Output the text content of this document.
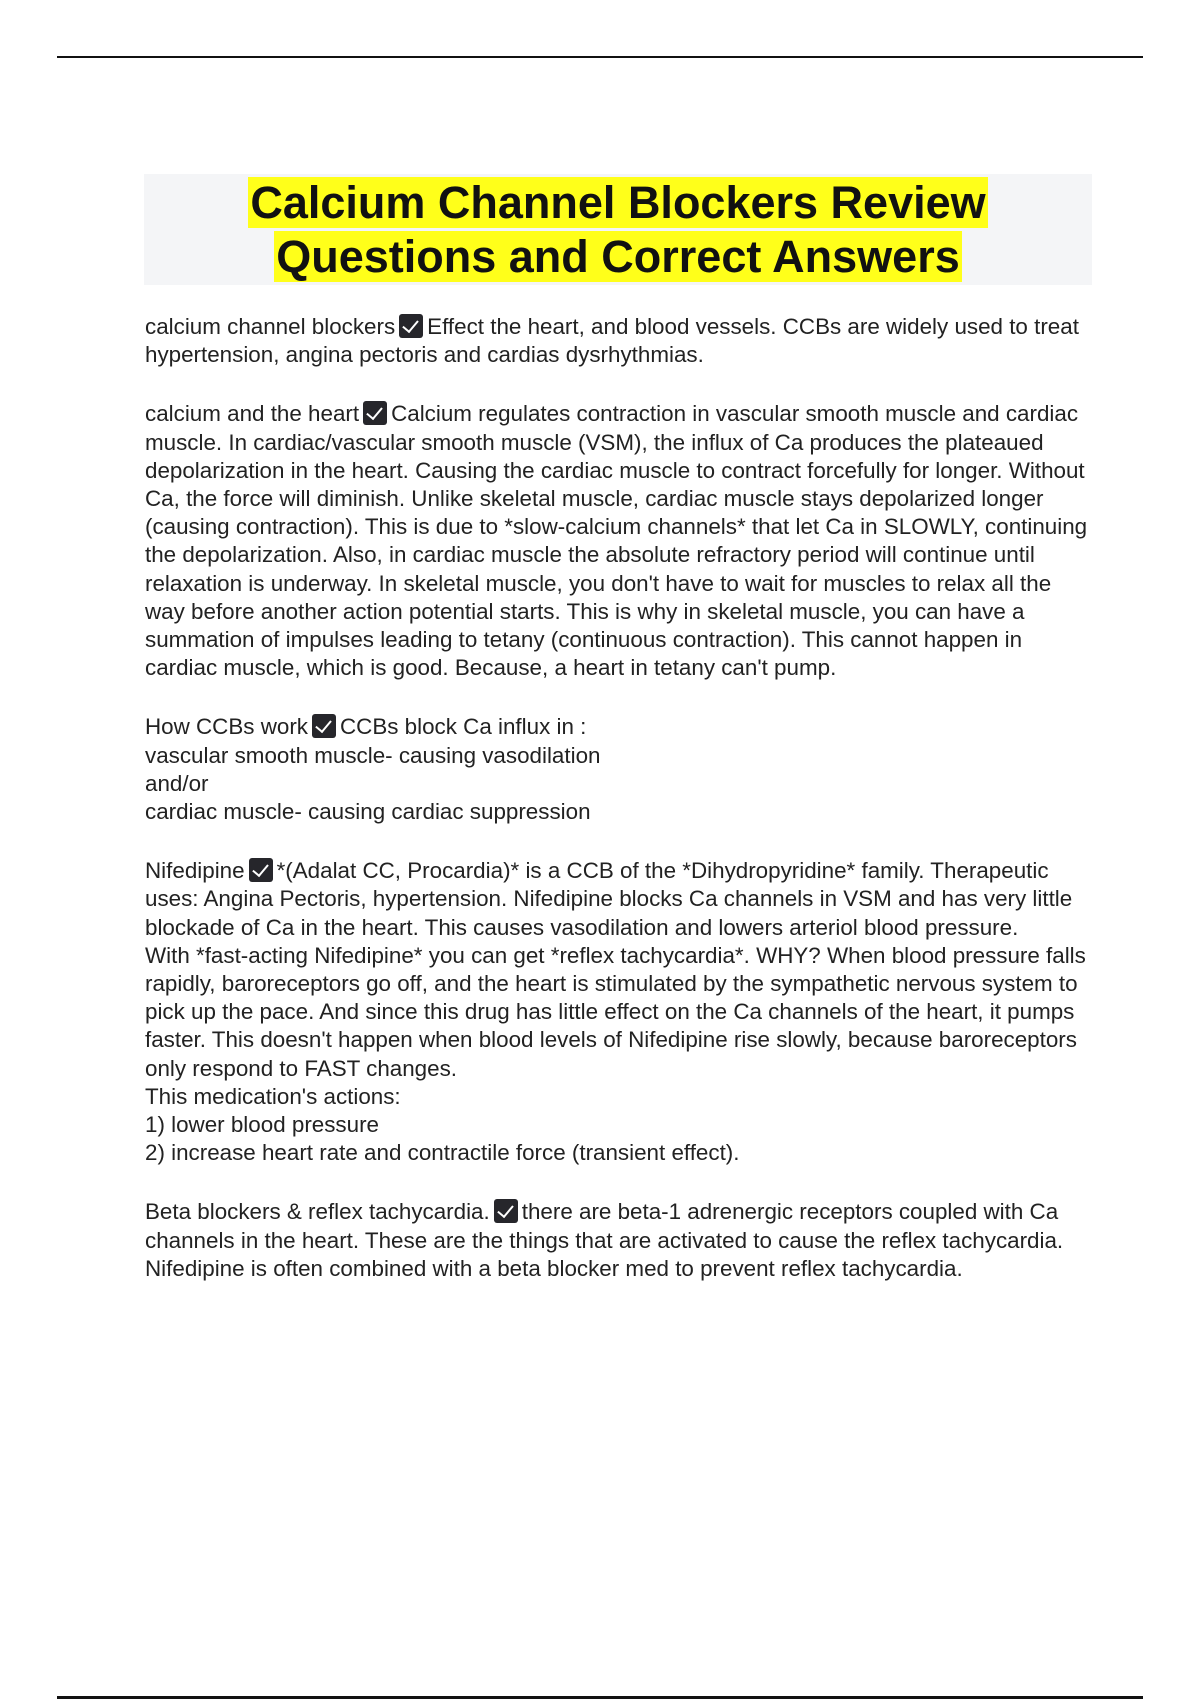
Calcium Channel Blockers Review
Questions and Correct Answers

calcium channel blockers Effect the heart, and blood vessels. CCBs are widely used to treat hypertension, angina pectoris and cardias dysrhythmias.

calcium and the heart Calcium regulates contraction in vascular smooth muscle and cardiac muscle. In cardiac/vascular smooth muscle (VSM), the influx of Ca produces the plateaued depolarization in the heart. Causing the cardiac muscle to contract forcefully for longer. Without Ca, the force will diminish. Unlike skeletal muscle, cardiac muscle stays depolarized longer (causing contraction). This is due to *slow-calcium channels* that let Ca in SLOWLY, continuing the depolarization. Also, in cardiac muscle the absolute refractory period will continue until relaxation is underway. In skeletal muscle, you don't have to wait for muscles to relax all the way before another action potential starts. This is why in skeletal muscle, you can have a summation of impulses leading to tetany (continuous contraction). This cannot happen in cardiac muscle, which is good. Because, a heart in tetany can't pump.

How CCBs work CCBs block Ca influx in :
vascular smooth muscle- causing vasodilation
and/or
cardiac muscle- causing cardiac suppression

Nifedipine *(Adalat CC, Procardia)* is a CCB of the *Dihydropyridine* family. Therapeutic uses: Angina Pectoris, hypertension. Nifedipine blocks Ca channels in VSM and has very little blockade of Ca in the heart. This causes vasodilation and lowers arteriol blood pressure.
With *fast-acting Nifedipine* you can get *reflex tachycardia*. WHY? When blood pressure falls rapidly, baroreceptors go off, and the heart is stimulated by the sympathetic nervous system to pick up the pace. And since this drug has little effect on the Ca channels of the heart, it pumps faster. This doesn't happen when blood levels of Nifedipine rise slowly, because baroreceptors only respond to FAST changes.
This medication's actions:
1) lower blood pressure
2) increase heart rate and contractile force (transient effect).

Beta blockers & reflex tachycardia. there are beta-1 adrenergic receptors coupled with Ca channels in the heart. These are the things that are activated to cause the reflex tachycardia. Nifedipine is often combined with a beta blocker med to prevent reflex tachycardia.
